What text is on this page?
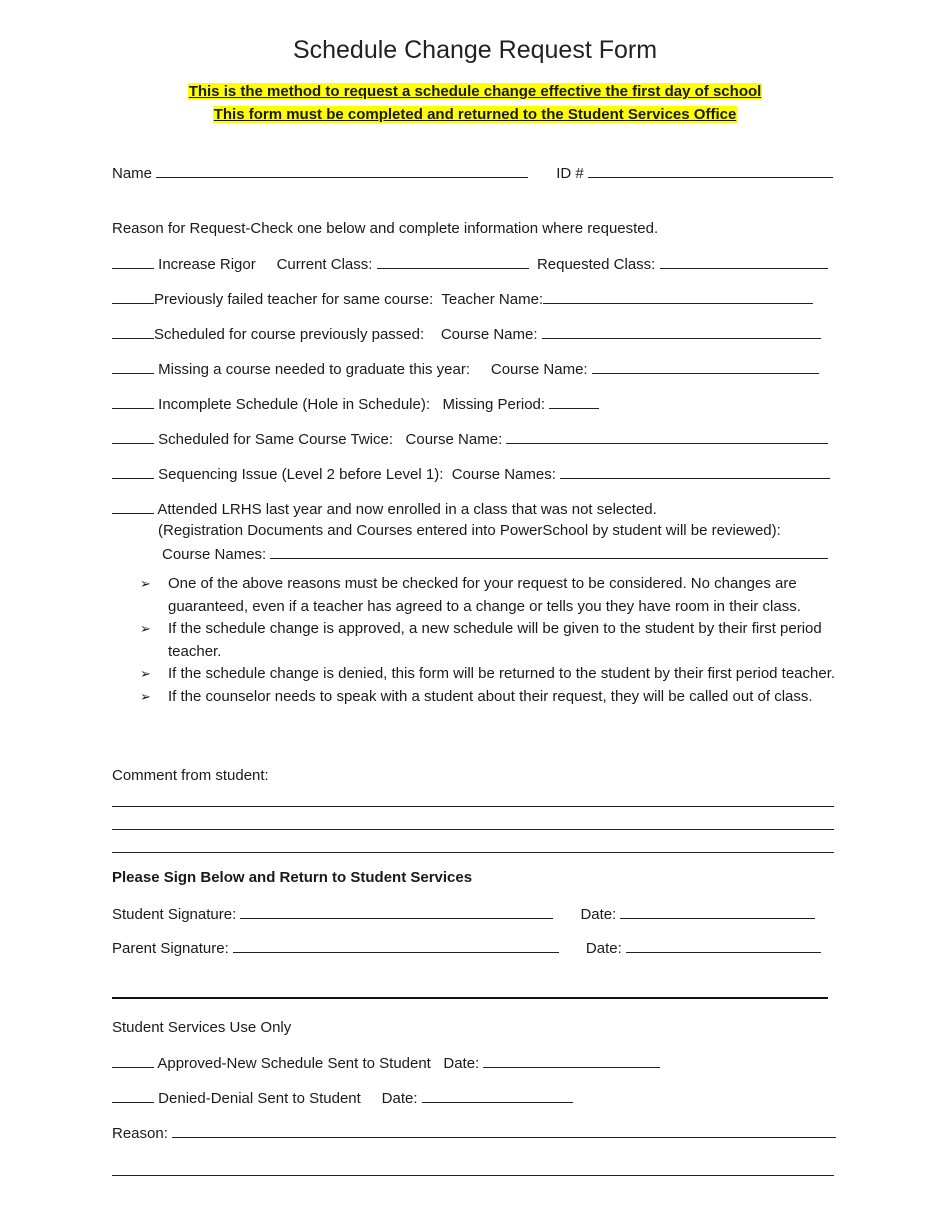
Schedule Change Request Form
This is the method to request a schedule change effective the first day of school
This form must be completed and returned to the Student Services Office
Name	ID #
Reason for Request-Check one below and complete information where requested.
Increase Rigor Current Class:	Requested Class:
Previously failed teacher for same course: Teacher Name:
Scheduled for course previously passed: Course Name:
Missing a course needed to graduate this year: Course Name:
Incomplete Schedule (Hole in Schedule): Missing Period:
Scheduled for Same Course Twice: Course Name:
Sequencing Issue (Level 2 before Level 1): Course Names:
Attended LRHS last year and now enrolled in a class that was not selected.
(Registration Documents and Courses entered into PowerSchool by student will be reviewed):
Course Names:
➢ One of the above reasons must be checked for your request to be considered. No changes are guaranteed, even if a teacher has agreed to a change or tells you they have room in their class.
➢ If the schedule change is approved, a new schedule will be given to the student by their first period teacher.
➢ If the schedule change is denied, this form will be returned to the student by their first period teacher.
➢ If the counselor needs to speak with a student about their request, they will be called out of class.
Comment from student:
Please Sign Below and Return to Student Services
Student Signature:	Date:
Parent Signature:	Date:
Student Services Use Only
Approved-New Schedule Sent to Student Date:
Denied-Denial Sent to Student Date:
Reason:
